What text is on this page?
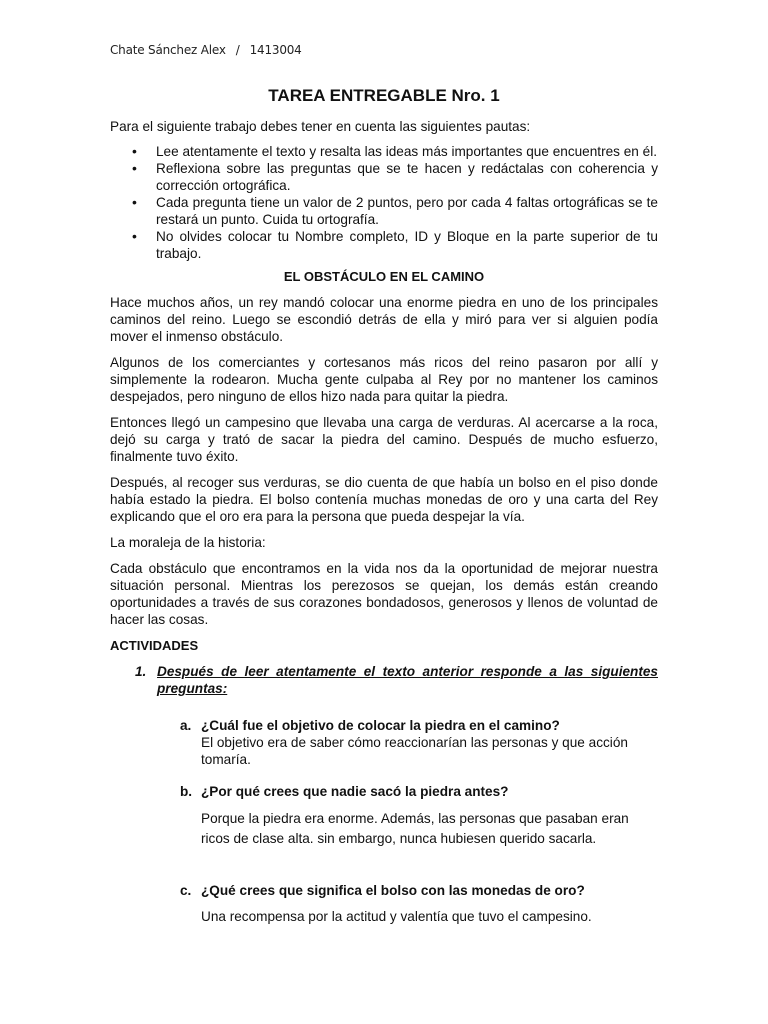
Chate Sánchez Alex / 1413004
TAREA ENTREGABLE Nro. 1

Para el siguiente trabajo debes tener en cuenta las siguientes pautas:

• Lee atentamente el texto y resalta las ideas más importantes que encuentres en él.
• Reflexiona sobre las preguntas que se te hacen y redáctalas con coherencia y corrección ortográfica.
• Cada pregunta tiene un valor de 2 puntos, pero por cada 4 faltas ortográficas se te restará un punto. Cuida tu ortografía.
• No olvides colocar tu Nombre completo, ID y Bloque en la parte superior de tu trabajo.

EL OBSTÁCULO EN EL CAMINO

Hace muchos años, un rey mandó colocar una enorme piedra en uno de los principales caminos del reino. Luego se escondió detrás de ella y miró para ver si alguien podía mover el inmenso obstáculo.

Algunos de los comerciantes y cortesanos más ricos del reino pasaron por allí y simplemente la rodearon. Mucha gente culpaba al Rey por no mantener los caminos despejados, pero ninguno de ellos hizo nada para quitar la piedra.

Entonces llegó un campesino que llevaba una carga de verduras. Al acercarse a la roca, dejó su carga y trató de sacar la piedra del camino. Después de mucho esfuerzo, finalmente tuvo éxito.

Después, al recoger sus verduras, se dio cuenta de que había un bolso en el piso donde había estado la piedra. El bolso contenía muchas monedas de oro y una carta del Rey explicando que el oro era para la persona que pueda despejar la vía.

La moraleja de la historia:

Cada obstáculo que encontramos en la vida nos da la oportunidad de mejorar nuestra situación personal. Mientras los perezosos se quejan, los demás están creando oportunidades a través de sus corazones bondadosos, generosos y llenos de voluntad de hacer las cosas.

ACTIVIDADES

1. Después de leer atentamente el texto anterior responde a las siguientes preguntas:
a. ¿Cuál fue el objetivo de colocar la piedra en el camino?
El objetivo era de saber cómo reaccionarían las personas y que acción tomaría.
b. ¿Por qué crees que nadie sacó la piedra antes?
Porque la piedra era enorme. Además, las personas que pasaban eran ricos de clase alta. sin embargo, nunca hubiesen querido sacarla.
c. ¿Qué crees que significa el bolso con las monedas de oro?
Una recompensa por la actitud y valentía que tuvo el campesino.
